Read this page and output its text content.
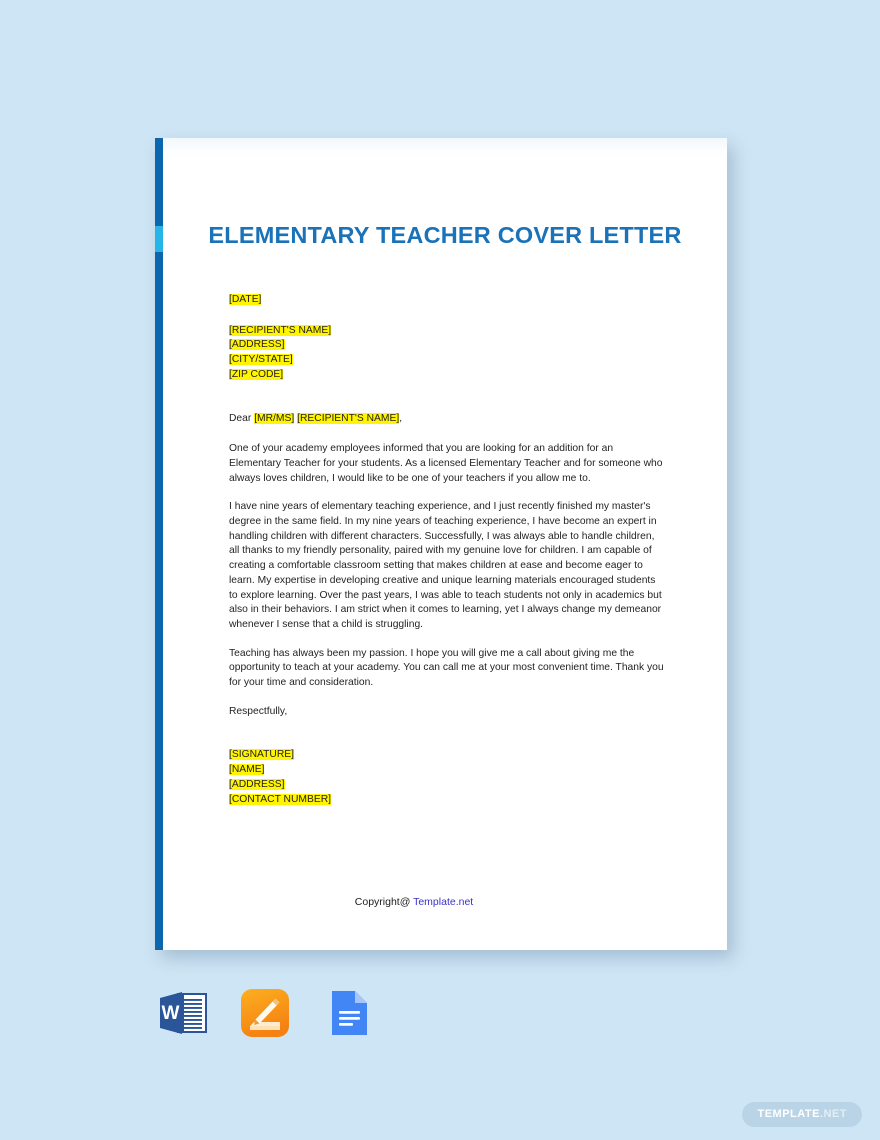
ELEMENTARY TEACHER COVER LETTER
[DATE]
[RECIPIENT'S NAME]
[ADDRESS]
[CITY/STATE]
[ZIP CODE]
Dear [MR/MS] [RECIPIENT'S NAME],

One of your academy employees informed that you are looking for an addition for an Elementary Teacher for your students. As a licensed Elementary Teacher and for someone who always loves children, I would like to be one of your teachers if you allow me to.

I have nine years of elementary teaching experience, and I just recently finished my master's degree in the same field. In my nine years of teaching experience, I have become an expert in handling children with different characters. Successfully, I was always able to handle children, all thanks to my friendly personality, paired with my genuine love for children. I am capable of creating a comfortable classroom setting that makes children at ease and become eager to learn. My expertise in developing creative and unique learning materials encouraged students to explore learning. Over the past years, I was able to teach students not only in academics but also in their behaviors. I am strict when it comes to learning, yet I always change my demeanor whenever I sense that a child is struggling.

Teaching has always been my passion. I hope you will give me a call about giving me the opportunity to teach at your academy. You can call me at your most convenient time. Thank you for your time and consideration.

Respectfully,
[SIGNATURE]
[NAME]
[ADDRESS]
[CONTACT NUMBER]
Copyright@ Template.net
W
TEMPLATE.NET
